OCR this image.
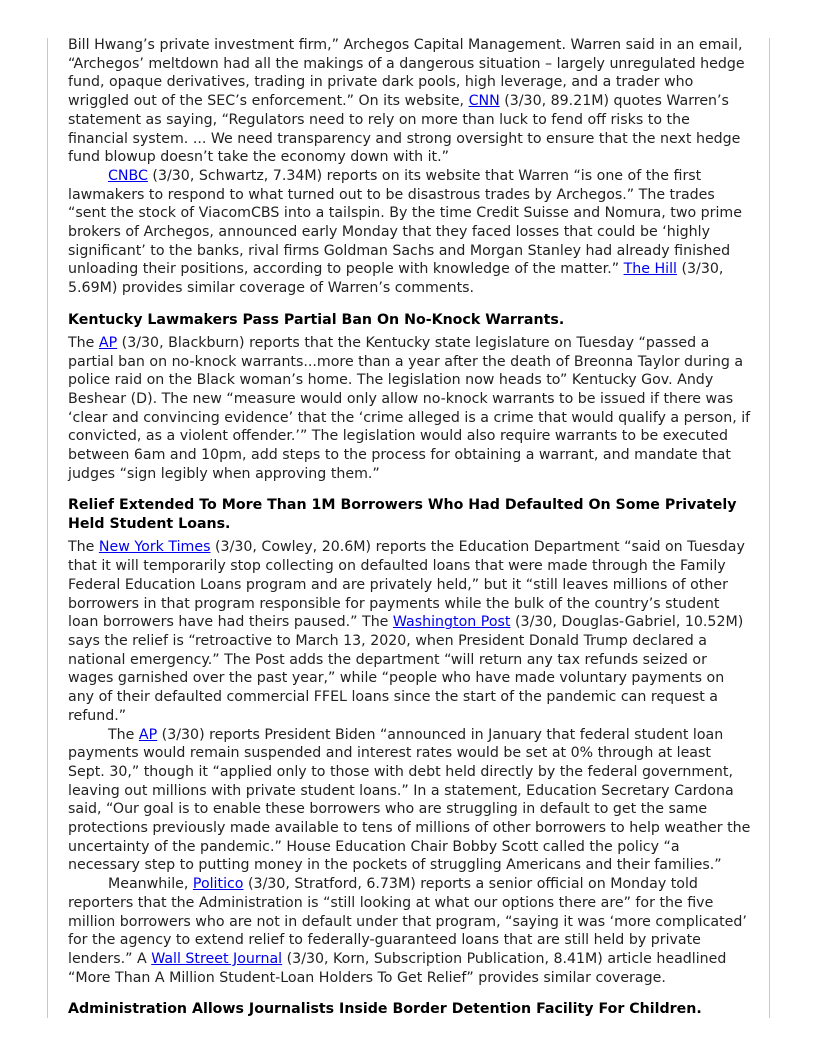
Bill Hwang’s private investment firm,” Archegos Capital Management. Warren said in an email, “Archegos’ meltdown had all the makings of a dangerous situation – largely unregulated hedge fund, opaque derivatives, trading in private dark pools, high leverage, and a trader who wriggled out of the SEC’s enforcement.” On its website, CNN (3/30, 89.21M) quotes Warren’s statement as saying, “Regulators need to rely on more than luck to fend off risks to the financial system. ... We need transparency and strong oversight to ensure that the next hedge fund blowup doesn’t take the economy down with it.”

CNBC (3/30, Schwartz, 7.34M) reports on its website that Warren “is one of the first lawmakers to respond to what turned out to be disastrous trades by Archegos.” The trades “sent the stock of ViacomCBS into a tailspin. By the time Credit Suisse and Nomura, two prime brokers of Archegos, announced early Monday that they faced losses that could be ‘highly significant’ to the banks, rival firms Goldman Sachs and Morgan Stanley had already finished unloading their positions, according to people with knowledge of the matter.” The Hill (3/30, 5.69M) provides similar coverage of Warren’s comments.

Kentucky Lawmakers Pass Partial Ban On No-Knock Warrants.

The AP (3/30, Blackburn) reports that the Kentucky state legislature on Tuesday “passed a partial ban on no-knock warrants...more than a year after the death of Breonna Taylor during a police raid on the Black woman’s home. The legislation now heads to” Kentucky Gov. Andy Beshear (D). The new “measure would only allow no-knock warrants to be issued if there was ‘clear and convincing evidence’ that the ‘crime alleged is a crime that would qualify a person, if convicted, as a violent offender.’” The legislation would also require warrants to be executed between 6am and 10pm, add steps to the process for obtaining a warrant, and mandate that judges “sign legibly when approving them.”

Relief Extended To More Than 1M Borrowers Who Had Defaulted On Some Privately Held Student Loans.

The New York Times (3/30, Cowley, 20.6M) reports the Education Department “said on Tuesday that it will temporarily stop collecting on defaulted loans that were made through the Family Federal Education Loans program and are privately held,” but it “still leaves millions of other borrowers in that program responsible for payments while the bulk of the country’s student loan borrowers have had theirs paused.” The Washington Post (3/30, Douglas-Gabriel, 10.52M) says the relief is “retroactive to March 13, 2020, when President Donald Trump declared a national emergency.” The Post adds the department “will return any tax refunds seized or wages garnished over the past year,” while “people who have made voluntary payments on any of their defaulted commercial FFEL loans since the start of the pandemic can request a refund.”

The AP (3/30) reports President Biden “announced in January that federal student loan payments would remain suspended and interest rates would be set at 0% through at least Sept. 30,” though it “applied only to those with debt held directly by the federal government, leaving out millions with private student loans.” In a statement, Education Secretary Cardona said, “Our goal is to enable these borrowers who are struggling in default to get the same protections previously made available to tens of millions of other borrowers to help weather the uncertainty of the pandemic.” House Education Chair Bobby Scott called the policy “a necessary step to putting money in the pockets of struggling Americans and their families.”

Meanwhile, Politico (3/30, Stratford, 6.73M) reports a senior official on Monday told reporters that the Administration is “still looking at what our options there are” for the five million borrowers who are not in default under that program, “saying it was ‘more complicated’ for the agency to extend relief to federally-guaranteed loans that are still held by private lenders.” A Wall Street Journal (3/30, Korn, Subscription Publication, 8.41M) article headlined “More Than A Million Student-Loan Holders To Get Relief” provides similar coverage.

Administration Allows Journalists Inside Border Detention Facility For Children.
